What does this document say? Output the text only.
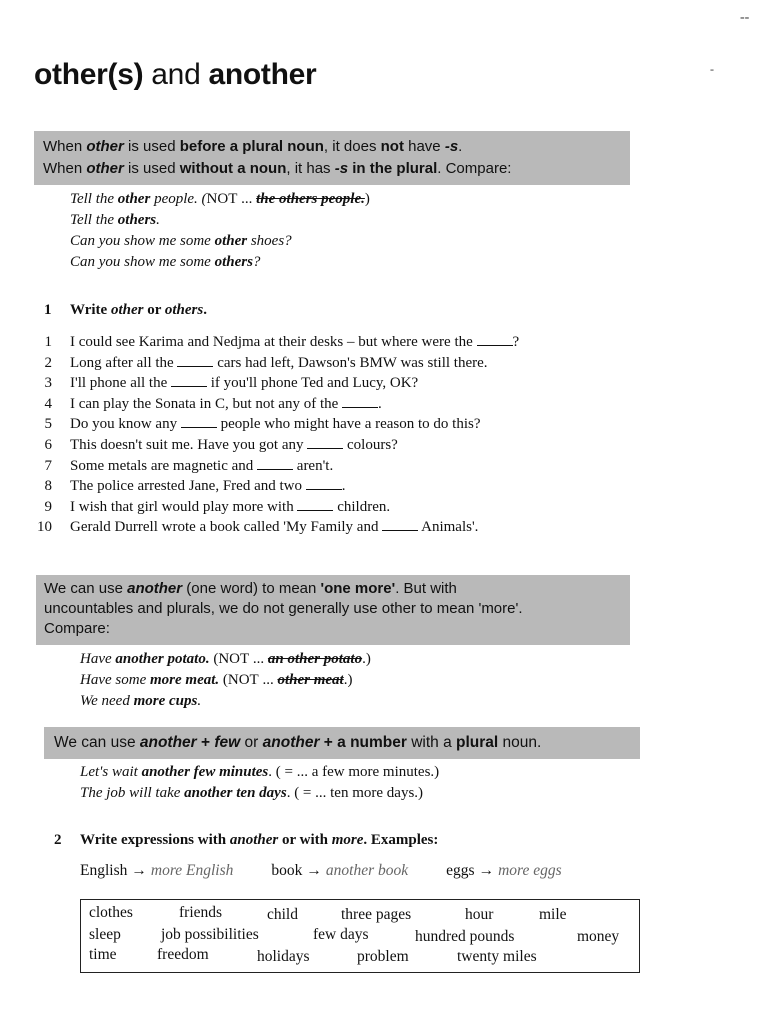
--
-
other(s) and another
When other is used before a plural noun, it does not have -s.
When other is used without a noun, it has -s in the plural. Compare:
Tell the other people. (NOT ... the others people.)
Tell the others.
Can you show me some other shoes?
Can you show me some others?
1 Write other or others.
1 I could see Karima and Nedjma at their desks – but where were the ?
2 Long after all the  cars had left, Dawson's BMW was still there.
3 I'll phone all the  if you'll phone Ted and Lucy, OK?
4 I can play the Sonata in C, but not any of the .
5 Do you know any  people who might have a reason to do this?
6 This doesn't suit me. Have you got any  colours?
7 Some metals are magnetic and  aren't.
8 The police arrested Jane, Fred and two .
9 I wish that girl would play more with  children.
10 Gerald Durrell wrote a book called 'My Family and  Animals'.
We can use another (one word) to mean 'one more'. But with
uncountables and plurals, we do not generally use other to mean 'more'.
Compare:
Have another potato. (NOT ... an other potato.)
Have some more meat. (NOT ... other meat.)
We need more cups.
We can use another + few or another + a number with a plural noun.
Let's wait another few minutes. ( = ... a few more minutes.)
The job will take another ten days. ( = ... ten more days.)
2 Write expressions with another or with more. Examples:
English → more English book → another book eggs → more eggs
clothes	friends	child	three pages	hour	mile
sleep	job possibilities	few days	hundred pounds	money
time	freedom	holidays	problem	twenty miles
